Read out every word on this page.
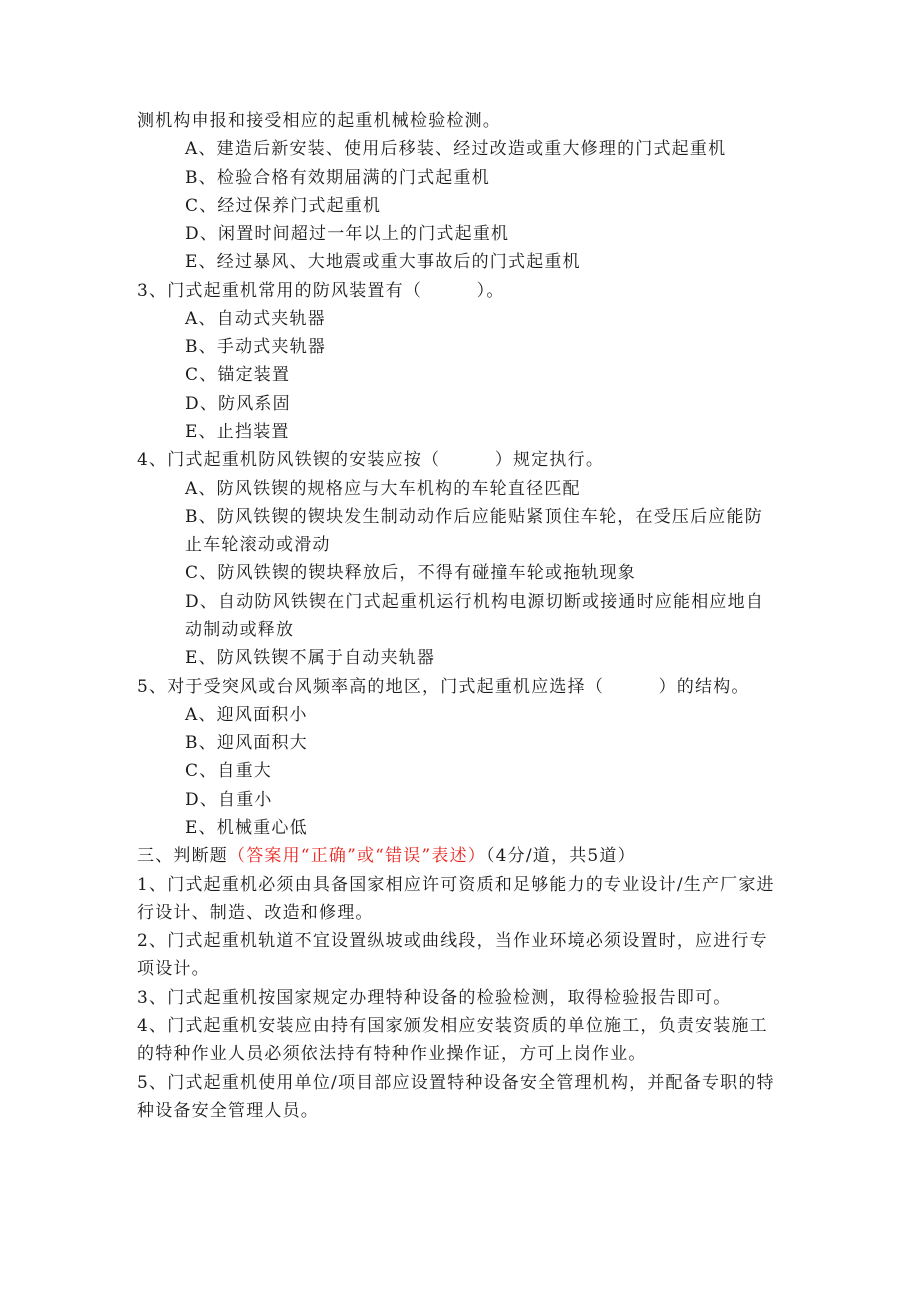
测机构申报和接受相应的起重机械检验检测。
A、建造后新安装、使用后移装、经过改造或重大修理的门式起重机
B、检验合格有效期届满的门式起重机
C、经过保养门式起重机
D、闲置时间超过一年以上的门式起重机
E、经过暴风、大地震或重大事故后的门式起重机
3、门式起重机常用的防风装置有（　　　）。
A、自动式夹轨器
B、手动式夹轨器
C、锚定装置
D、防风系固
E、止挡装置
4、门式起重机防风铁锲的安装应按（　　　）规定执行。
A、防风铁锲的规格应与大车机构的车轮直径匹配
B、防风铁锲的锲块发生制动动作后应能贴紧顶住车轮，在受压后应能防
止车轮滚动或滑动
C、防风铁锲的锲块释放后，不得有碰撞车轮或拖轨现象
D、自动防风铁锲在门式起重机运行机构电源切断或接通时应能相应地自
动制动或释放
E、防风铁锲不属于自动夹轨器
5、对于受突风或台风频率高的地区，门式起重机应选择（　　　）的结构。
A、迎风面积小
B、迎风面积大
C、自重大
D、自重小
E、机械重心低
三、判断题（答案用“正确”或“错误”表述）（4分/道，共5道）
1、门式起重机必须由具备国家相应许可资质和足够能力的专业设计/生产厂家进
行设计、制造、改造和修理。
2、门式起重机轨道不宜设置纵坡或曲线段，当作业环境必须设置时，应进行专
项设计。
3、门式起重机按国家规定办理特种设备的检验检测，取得检验报告即可。
4、门式起重机安装应由持有国家颁发相应安装资质的单位施工，负责安装施工
的特种作业人员必须依法持有特种作业操作证，方可上岗作业。
5、门式起重机使用单位/项目部应设置特种设备安全管理机构，并配备专职的特
种设备安全管理人员。
